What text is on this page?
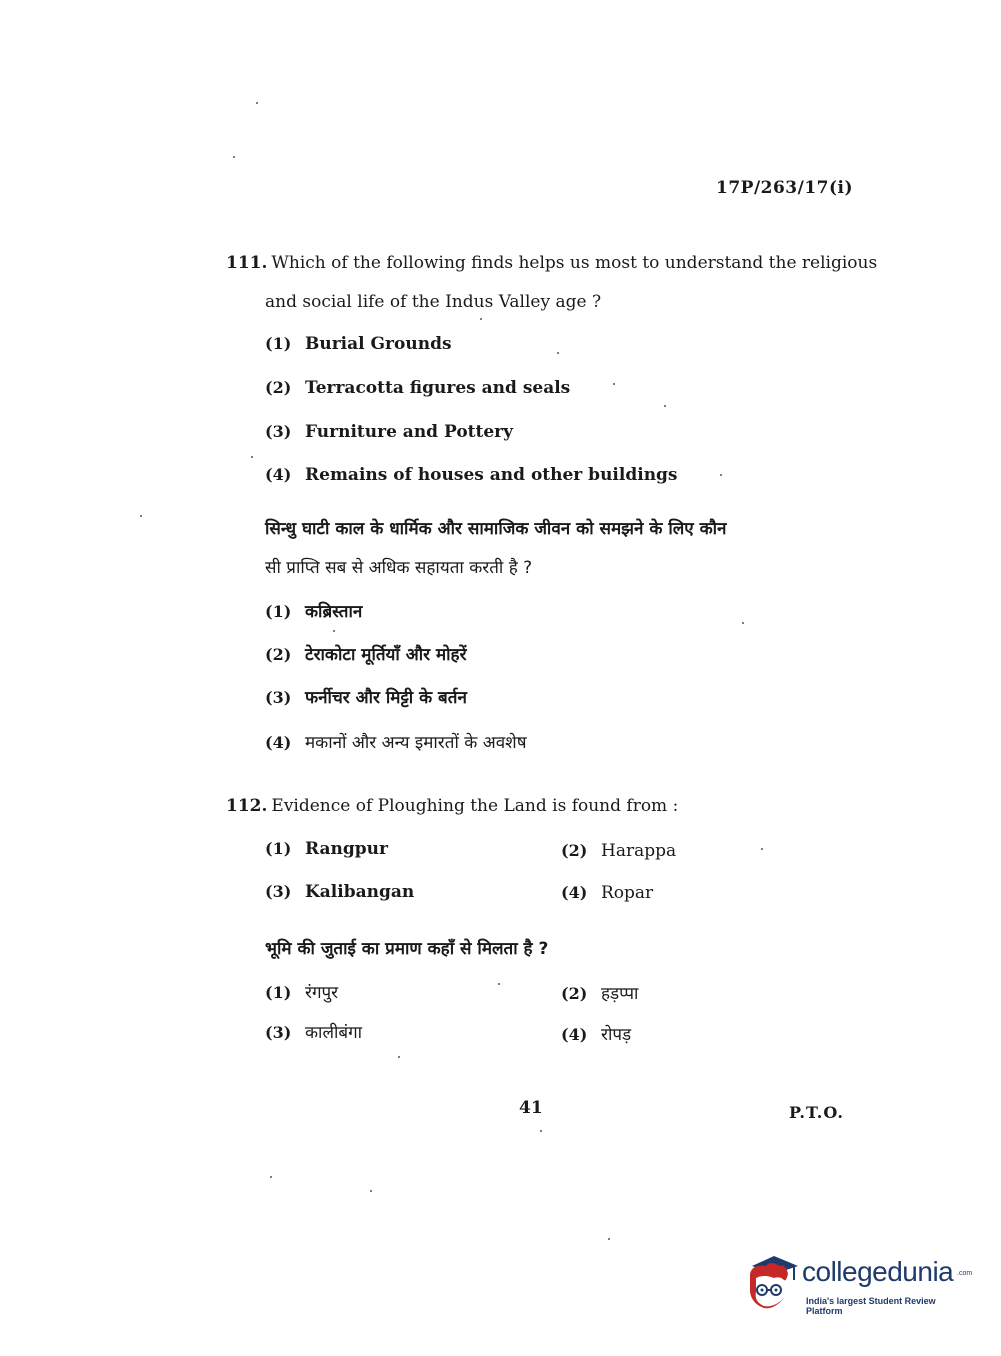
17P/263/17(i)
111. Which of the following finds helps us most to understand the religious
and social life of the Indus Valley age ?
(1) Burial Grounds
(2) Terracotta figures and seals
(3) Furniture and Pottery
(4) Remains of houses and other buildings
सिन्धु घाटी काल के धार्मिक और सामाजिक जीवन को समझने के लिए कौन
सी प्राप्ति सब से अधिक सहायता करती है ?
(1) कब्रिस्तान
(2) टेराकोटा मूर्तियाँ और मोहरें
(3) फर्नीचर और मिट्टी के बर्तन
(4) मकानों और अन्य इमारतों के अवशेष
112. Evidence of Ploughing the Land is found from :
(1) Rangpur	(2) Harappa
(3) Kalibangan	(4) Ropar
भूमि की जुताई का प्रमाण कहाँ से मिलता है ?
(1) रंगपुर	(2) हड़प्पा
(3) कालीबंगा	(4) रोपड़
41	P.T.O.
collegedunia .com
India's largest Student Review Platform
